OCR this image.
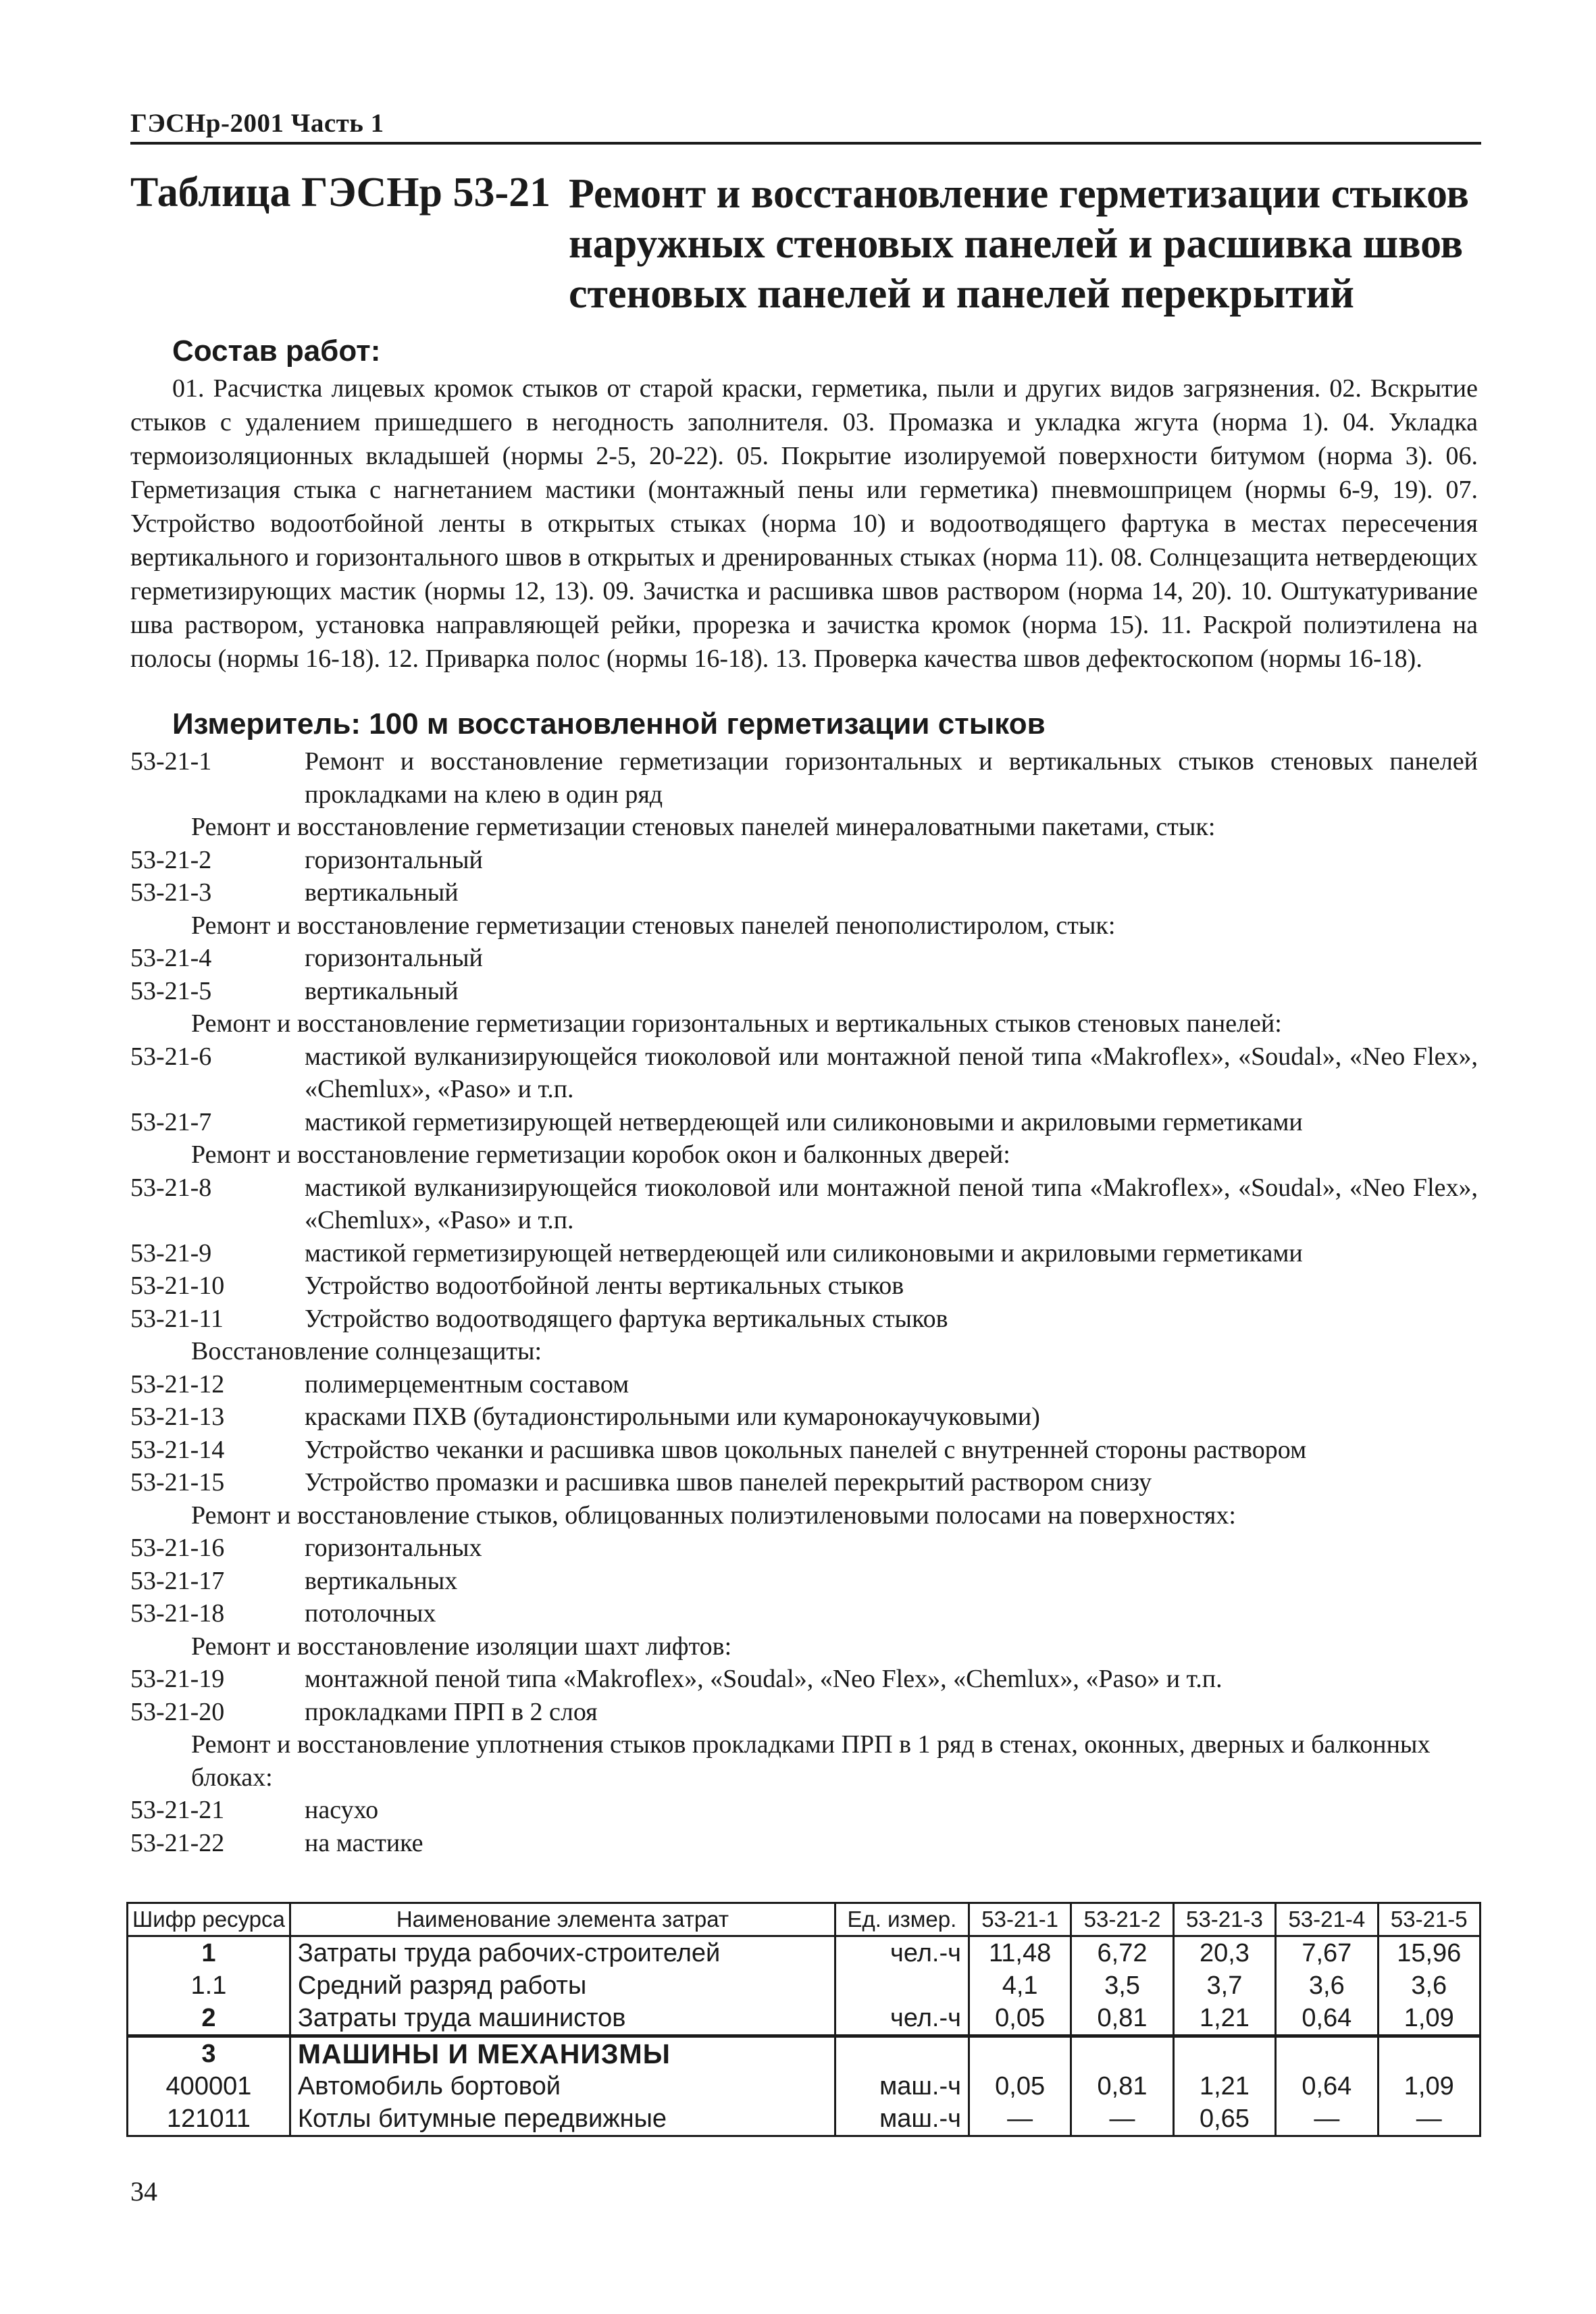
ГЭСНр-2001 Часть 1
Таблица ГЭСНр 53-21 Ремонт и восстановление герметизации стыков наружных стеновых панелей и расшивка швов стеновых панелей и панелей перекрытий
Состав работ:
01. Расчистка лицевых кромок стыков от старой краски, герметика, пыли и других видов загрязнения. 02. Вскрытие стыков с удалением пришедшего в негодность заполнителя. 03. Промазка и укладка жгута (норма 1). 04. Укладка термоизоляционных вкладышей (нормы 2-5, 20-22). 05. Покрытие изолируемой поверхности битумом (норма 3). 06. Герметизация стыка с нагнетанием мастики (монтажный пены или герметика) пневмошприцем (нормы 6-9, 19). 07. Устройство водоотбойной ленты в открытых стыках (норма 10) и водоотводящего фартука в местах пересечения вертикального и горизонтального швов в открытых и дренированных стыках (норма 11). 08. Солнцезащита нетвердеющих герметизирующих мастик (нормы 12, 13). 09. Зачистка и расшивка швов раствором (норма 14, 20). 10. Оштукатуривание шва раствором, установка направляющей рейки, прорезка и зачистка кромок (норма 15). 11. Раскрой полиэтилена на полосы (нормы 16-18). 12. Приварка полос (нормы 16-18). 13. Проверка качества швов дефектоскопом (нормы 16-18).
Измеритель: 100 м восстановленной герметизации стыков
53-21-1	Ремонт и восстановление герметизации горизонтальных и вертикальных стыков стеновых панелей прокладками на клею в один ряд
Ремонт и восстановление герметизации стеновых панелей минераловатными пакетами, стык:
53-21-2	горизонтальный
53-21-3	вертикальный
Ремонт и восстановление герметизации стеновых панелей пенополистиролом, стык:
53-21-4	горизонтальный
53-21-5	вертикальный
Ремонт и восстановление герметизации горизонтальных и вертикальных стыков стеновых панелей:
53-21-6	мастикой вулканизирующейся тиоколовой или монтажной пеной типа «Makroflex», «Soudal», «Neo Flex», «Chemlux», «Paso» и т.п.
53-21-7	мастикой герметизирующей нетвердеющей или силиконовыми и акриловыми герметиками
Ремонт и восстановление герметизации коробок окон и балконных дверей:
53-21-8	мастикой вулканизирующейся тиоколовой или монтажной пеной типа «Makroflex», «Soudal», «Neo Flex», «Chemlux», «Paso» и т.п.
53-21-9	мастикой герметизирующей нетвердеющей или силиконовыми и акриловыми герметиками
53-21-10	Устройство водоотбойной ленты вертикальных стыков
53-21-11	Устройство водоотводящего фартука вертикальных стыков
Восстановление солнцезащиты:
53-21-12	полимерцементным составом
53-21-13	красками ПХВ (бутадионстирольными или кумаронокаучуковыми)
53-21-14	Устройство чеканки и расшивка швов цокольных панелей с внутренней стороны раствором
53-21-15	Устройство промазки и расшивка швов панелей перекрытий раствором снизу
Ремонт и восстановление стыков, облицованных полиэтиленовыми полосами на поверхностях:
53-21-16	горизонтальных
53-21-17	вертикальных
53-21-18	потолочных
Ремонт и восстановление изоляции шахт лифтов:
53-21-19	монтажной пеной типа «Makroflex», «Soudal», «Neo Flex», «Chemlux», «Paso» и т.п.
53-21-20	прокладками ПРП в 2 слоя
Ремонт и восстановление уплотнения стыков прокладками ПРП в 1 ряд в стенах, оконных, дверных и балконных блоках:
53-21-21	насухо
53-21-22	на мастике
Шифр ресурса	Наименование элемента затрат	Ед. измер.	53-21-1	53-21-2	53-21-3	53-21-4	53-21-5
1	Затраты труда рабочих-строителей	чел.-ч	11,48	6,72	20,3	7,67	15,96
1.1	Средний разряд работы		4,1	3,5	3,7	3,6	3,6
2	Затраты труда машинистов	чел.-ч	0,05	0,81	1,21	0,64	1,09
3	МАШИНЫ И МЕХАНИЗМЫ						
400001	Автомобиль бортовой	маш.-ч	0,05	0,81	1,21	0,64	1,09
121011	Котлы битумные передвижные	маш.-ч	—	—	0,65	—	—
34
